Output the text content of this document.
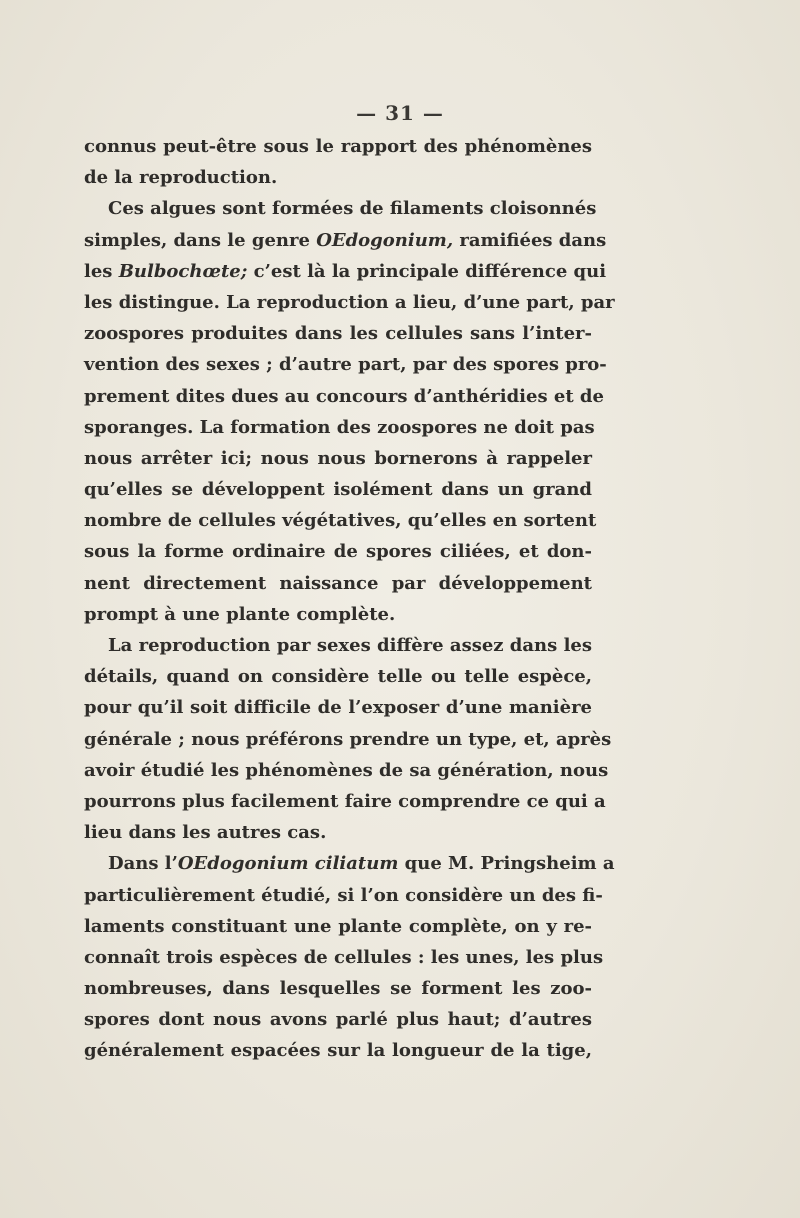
— 31 —
connus peut-être sous le rapport des phénomènes
de la reproduction.
Ces algues sont formées de filaments cloisonnés
simples, dans le genre OEdogonium, ramifiées dans
les Bulbochœte; c’est là la principale différence qui
les distingue. La reproduction a lieu, d’une part, par
zoospores produites dans les cellules sans l’inter-
vention des sexes ; d’autre part, par des spores pro-
prement dites dues au concours d’anthéridies et de
sporanges. La formation des zoospores ne doit pas
nous arrêter ici; nous nous bornerons à rappeler
qu’elles se développent isolément dans un grand
nombre de cellules végétatives, qu’elles en sortent
sous la forme ordinaire de spores ciliées, et don-
nent directement naissance par développement
prompt à une plante complète.
La reproduction par sexes diffère assez dans les
détails, quand on considère telle ou telle espèce,
pour qu’il soit difficile de l’exposer d’une manière
générale ; nous préférons prendre un type, et, après
avoir étudié les phénomènes de sa génération, nous
pourrons plus facilement faire comprendre ce qui a
lieu dans les autres cas.
Dans l’OEdogonium ciliatum que M. Pringsheim a
particulièrement étudié, si l’on considère un des fi-
laments constituant une plante complète, on y re-
connaît trois espèces de cellules : les unes, les plus
nombreuses, dans lesquelles se forment les zoo-
spores dont nous avons parlé plus haut; d’autres
généralement espacées sur la longueur de la tige,
